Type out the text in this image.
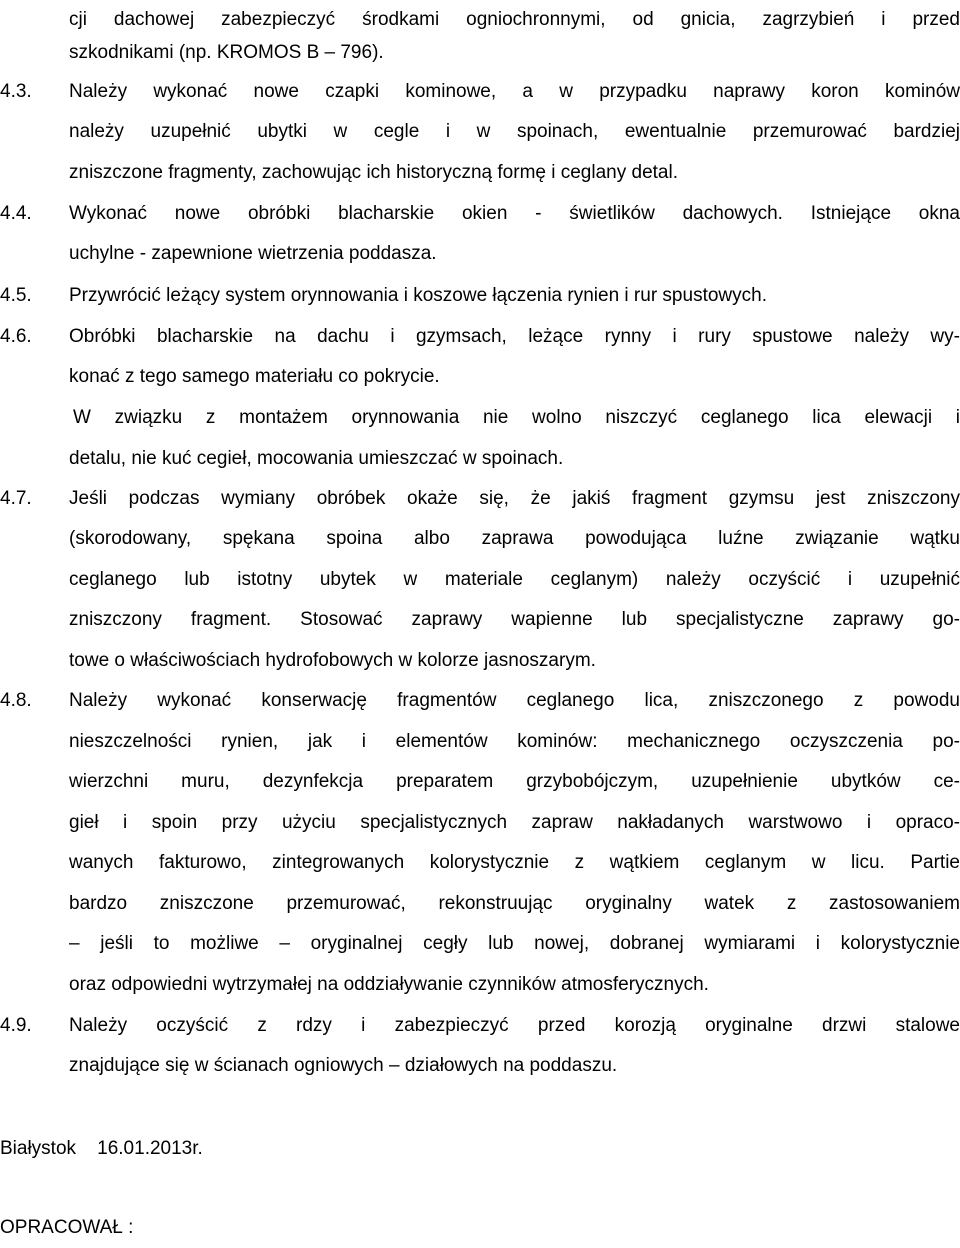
cji dachowej zabezpieczyć środkami ogniochronnymi, od gnicia, zagrzybień i przed
szkodnikami (np. KROMOS B – 796).
4.3.	Należy wykonać nowe czapki kominowe, a w przypadku naprawy koron kominów
należy uzupełnić ubytki w cegle i w spoinach, ewentualnie przemurować bardziej
zniszczone fragmenty, zachowując ich historyczną formę i ceglany detal.
4.4.	Wykonać nowe obróbki blacharskie okien - świetlików dachowych. Istniejące okna
uchylne - zapewnione wietrzenia poddasza.
4.5.	Przywrócić leżący system orynnowania i koszowe łączenia rynien i rur spustowych.
4.6.	Obróbki blacharskie na dachu i gzymsach, leżące rynny i rury spustowe należy wy-
konać z tego samego materiału co pokrycie.
W związku z montażem orynnowania nie wolno niszczyć ceglanego lica elewacji i
detalu, nie kuć cegieł, mocowania umieszczać w spoinach.
4.7.	Jeśli podczas wymiany obróbek okaże się, że jakiś fragment gzymsu jest zniszczony
(skorodowany, spękana spoina albo zaprawa powodująca luźne związanie wątku
ceglanego lub istotny ubytek w materiale ceglanym) należy oczyścić i uzupełnić
zniszczony fragment. Stosować zaprawy wapienne lub specjalistyczne zaprawy go-
towe o właściwościach hydrofobowych w kolorze jasnoszarym.
4.8.	Należy wykonać konserwację fragmentów ceglanego lica, zniszczonego z powodu
nieszczelności rynien, jak i elementów kominów: mechanicznego oczyszczenia po-
wierzchni muru, dezynfekcja preparatem grzybobójczym, uzupełnienie ubytków ce-
gieł i spoin przy użyciu specjalistycznych zapraw nakładanych warstwowo i opraco-
wanych fakturowo, zintegrowanych kolorystycznie z wątkiem ceglanym w licu. Partie
bardzo zniszczone przemurować, rekonstruując oryginalny watek z zastosowaniem
– jeśli to możliwe – oryginalnej cegły lub nowej, dobranej wymiarami i kolorystycznie
oraz odpowiedni wytrzymałej na oddziaływanie czynników atmosferycznych.
4.9.	Należy oczyścić z rdzy i zabezpieczyć przed korozją oryginalne drzwi stalowe
znajdujące się w ścianach ogniowych – działowych na poddaszu.
Białystok    16.01.2013r.
OPRACOWAŁ :
